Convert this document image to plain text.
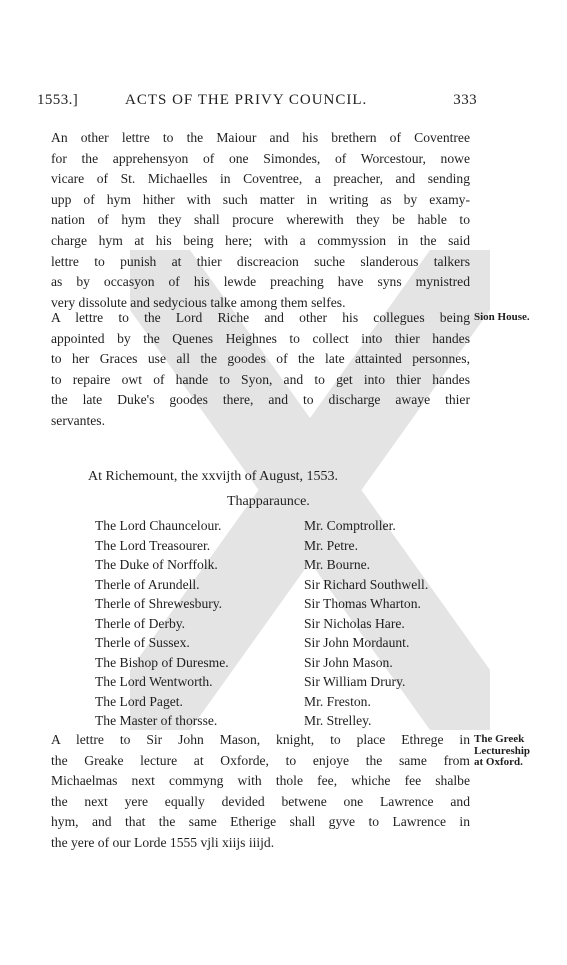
1553.]	ACTS OF THE PRIVY COUNCIL.	333
An other lettre to the Maiour and his brethern of Coventree
for the apprehensyon of one Simondes, of Worcestour, nowe
vicare of St. Michaelles in Coventree, a preacher, and sending
upp of hym hither with such matter in writing as by examy-
nation of hym they shall procure wherewith they be hable to
charge hym at his being here; with a commyssion in the said
lettre to punish at thier discreacion suche slanderous talkers
as by occasyon of his lewde preaching have syns mynistred
very dissolute and sedycious talke among them selfes.
A lettre to the Lord Riche and other his collegues being
appointed by the Quenes Heighnes to collect into thier handes
to her Graces use all the goodes of the late attainted personnes,
to repaire owt of hande to Syon, and to get into thier handes
the late Duke's goodes there, and to discharge awaye thier
servantes.
Sion House.
At Richemount, the xxvijth of August, 1553.
Thapparaunce.
The Lord Chauncelour.
The Lord Treasourer.
The Duke of Norffolk.
Therle of Arundell.
Therle of Shrewesbury.
Therle of Derby.
Therle of Sussex.
The Bishop of Duresme.
The Lord Wentworth.
The Lord Paget.
The Master of thorsse.
Mr. Comptroller.
Mr. Petre.
Mr. Bourne.
Sir Richard Southwell.
Sir Thomas Wharton.
Sir Nicholas Hare.
Sir John Mordaunt.
Sir John Mason.
Sir William Drury.
Mr. Freston.
Mr. Strelley.
A lettre to Sir John Mason, knight, to place Ethrege in
the Greake lecture at Oxforde, to enjoye the same from
Michaelmas next commyng with thole fee, whiche fee shalbe
the next yere equally devided betwene one Lawrence and
hym, and that the same Etherige shall gyve to Lawrence in
the yere of our Lorde 1555 vjli xiijs iiijd.
The Greek
Lectureship
at Oxford.
